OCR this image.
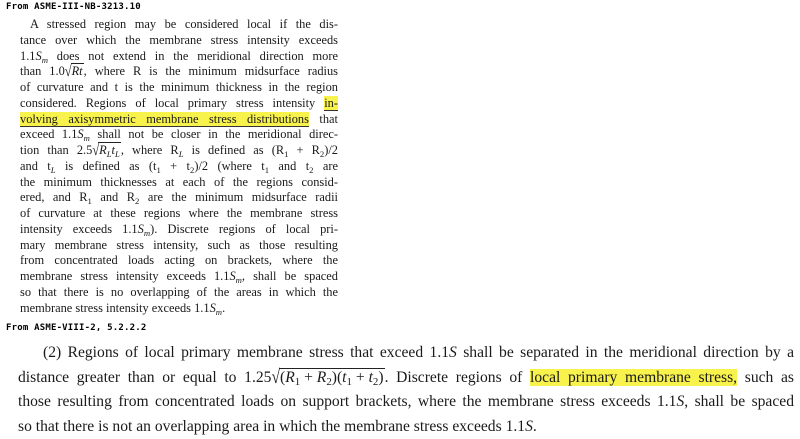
From ASME-III-NB-3213.10
A stressed region may be considered local if the dis-
tance over which the membrane stress intensity exceeds
$1.1S_m$ does not extend in the meridional direction more
than 1.0√Rt, where R is the minimum midsurface radius
of curvature and t is the minimum thickness in the region
considered. Regions of local primary stress intensity in-
volving axisymmetric membrane stress distributions that
exceed $1.1S_m$ shall not be closer in the meridional direc-
tion than $2.5√R_Lt_L$, where $R_L$ is defined as $(R_1 + R_2)/2$
and $t_L$ is defined as $(t_1 + t_2)/2$ (where $t_1$ and $t_2$ are
the minimum thicknesses at each of the regions consid-
ered, and $R_1$ and $R_2$ are the minimum midsurface radii
of curvature at these regions where the membrane stress
intensity exceeds $1.1S_m$). Discrete regions of local pri-
mary membrane stress intensity, such as those resulting
from concentrated loads acting on brackets, where the
membrane stress intensity exceeds $1.1S_m$, shall be spaced
so that there is no overlapping of the areas in which the
membrane stress intensity exceeds $1.1S_m$.
From ASME-VIII-2, 5.2.2.2
(2) Regions of local primary membrane stress that exceed 1.1S shall be separated in the meridional direction by a
distance greater than or equal to $1.25√(R_1 + R_2)(t_1 + t_2)$. Discrete regions of local primary membrane stress, such as
those resulting from concentrated loads on support brackets, where the membrane stress exceeds 1.1S, shall be spaced
so that there is not an overlapping area in which the membrane stress exceeds 1.1S.
